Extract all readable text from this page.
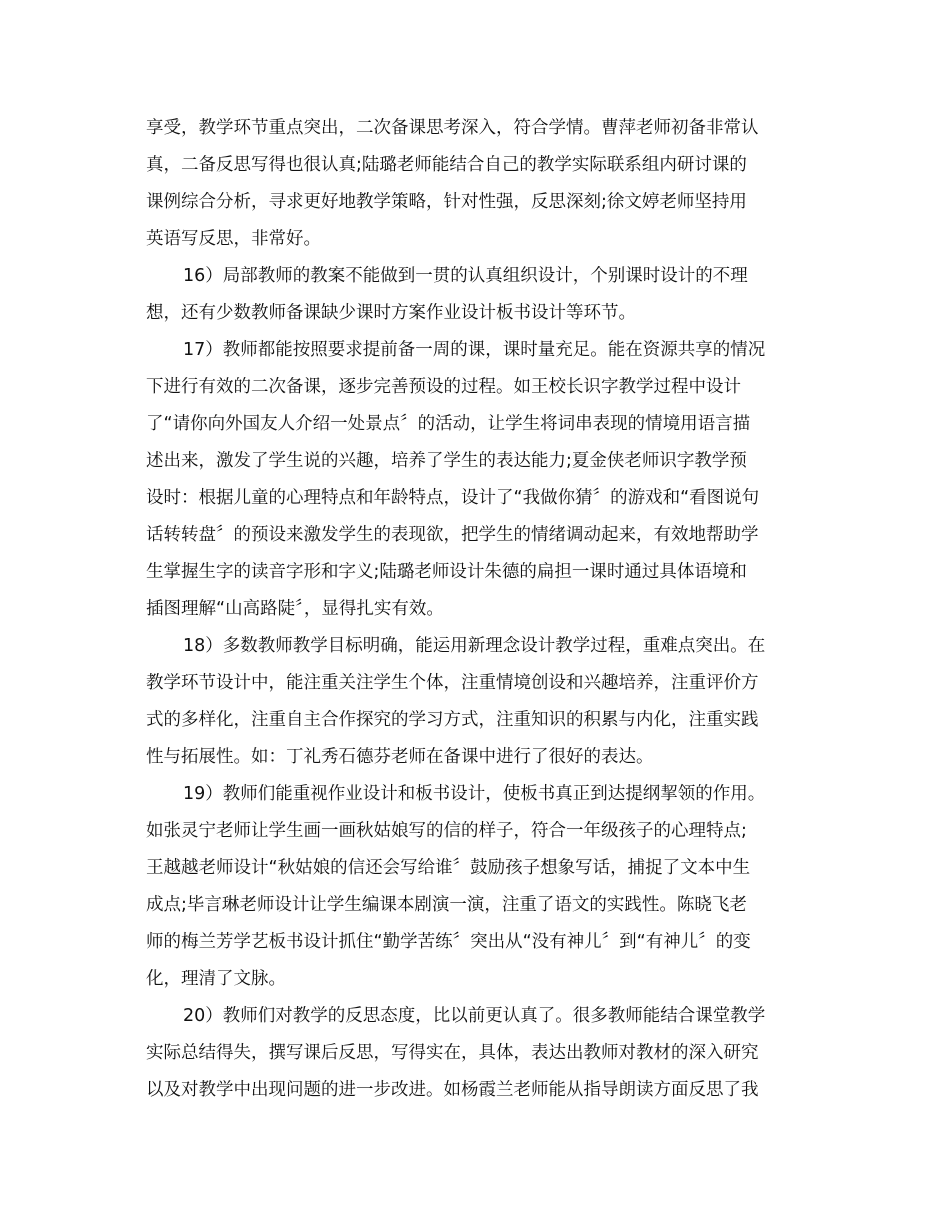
享受，教学环节重点突出，二次备课思考深入，符合学情。曹萍老师初备非常认
真，二备反思写得也很认真;陆璐老师能结合自己的教学实际联系组内研讨课的
课例综合分析，寻求更好地教学策略，针对性强，反思深刻;徐文婷老师坚持用
英语写反思，非常好。
16）局部教师的教案不能做到一贯的认真组织设计，个别课时设计的不理
想，还有少数教师备课缺少课时方案作业设计板书设计等环节。
17）教师都能按照要求提前备一周的课，课时量充足。能在资源共享的情况
下进行有效的二次备课，逐步完善预设的过程。如王校长识字教学过程中设计
了“请你向外国友人介绍一处景点〞的活动，让学生将词串表现的情境用语言描
述出来，激发了学生说的兴趣，培养了学生的表达能力;夏金侠老师识字教学预
设时：根据儿童的心理特点和年龄特点，设计了“我做你猜〞的游戏和“看图说句
话转转盘〞的预设来激发学生的表现欲，把学生的情绪调动起来，有效地帮助学
生掌握生字的读音字形和字义;陆璐老师设计朱德的扁担一课时通过具体语境和
插图理解“山高路陡〞，显得扎实有效。
18）多数教师教学目标明确，能运用新理念设计教学过程，重难点突出。在
教学环节设计中，能注重关注学生个体，注重情境创设和兴趣培养，注重评价方
式的多样化，注重自主合作探究的学习方式，注重知识的积累与内化，注重实践
性与拓展性。如：丁礼秀石德芬老师在备课中进行了很好的表达。
19）教师们能重视作业设计和板书设计，使板书真正到达提纲挈领的作用。
如张灵宁老师让学生画一画秋姑娘写的信的样子，符合一年级孩子的心理特点;
王越越老师设计“秋姑娘的信还会写给谁〞鼓励孩子想象写话，捕捉了文本中生
成点;毕言琳老师设计让学生编课本剧演一演，注重了语文的实践性。陈晓飞老
师的梅兰芳学艺板书设计抓住“勤学苦练〞突出从“没有神儿〞到“有神儿〞的变
化，理清了文脉。
20）教师们对教学的反思态度，比以前更认真了。很多教师能结合课堂教学
实际总结得失，撰写课后反思，写得实在，具体，表达出教师对教材的深入研究
以及对教学中出现问题的进一步改进。如杨霞兰老师能从指导朗读方面反思了我
